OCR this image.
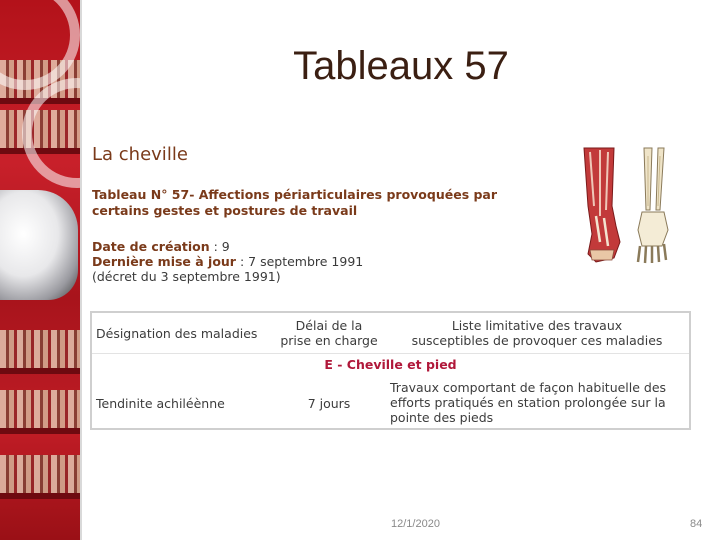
Tableaux 57
La cheville

Tableau N° 57- Affections périarticulaires provoquées par certains gestes et postures de travail

Date de création : 9
Dernière mise à jour : 7 septembre 1991
(décret du 3 septembre 1991)
Désignation des maladies
Délai de la
prise en charge
Liste limitative des travaux
susceptibles de provoquer ces maladies
E - Cheville et pied
Tendinite achiléènne	7 jours
Travaux comportant de façon habituelle des efforts pratiqués en station prolongée sur la pointe des pieds
12/1/2020	84
